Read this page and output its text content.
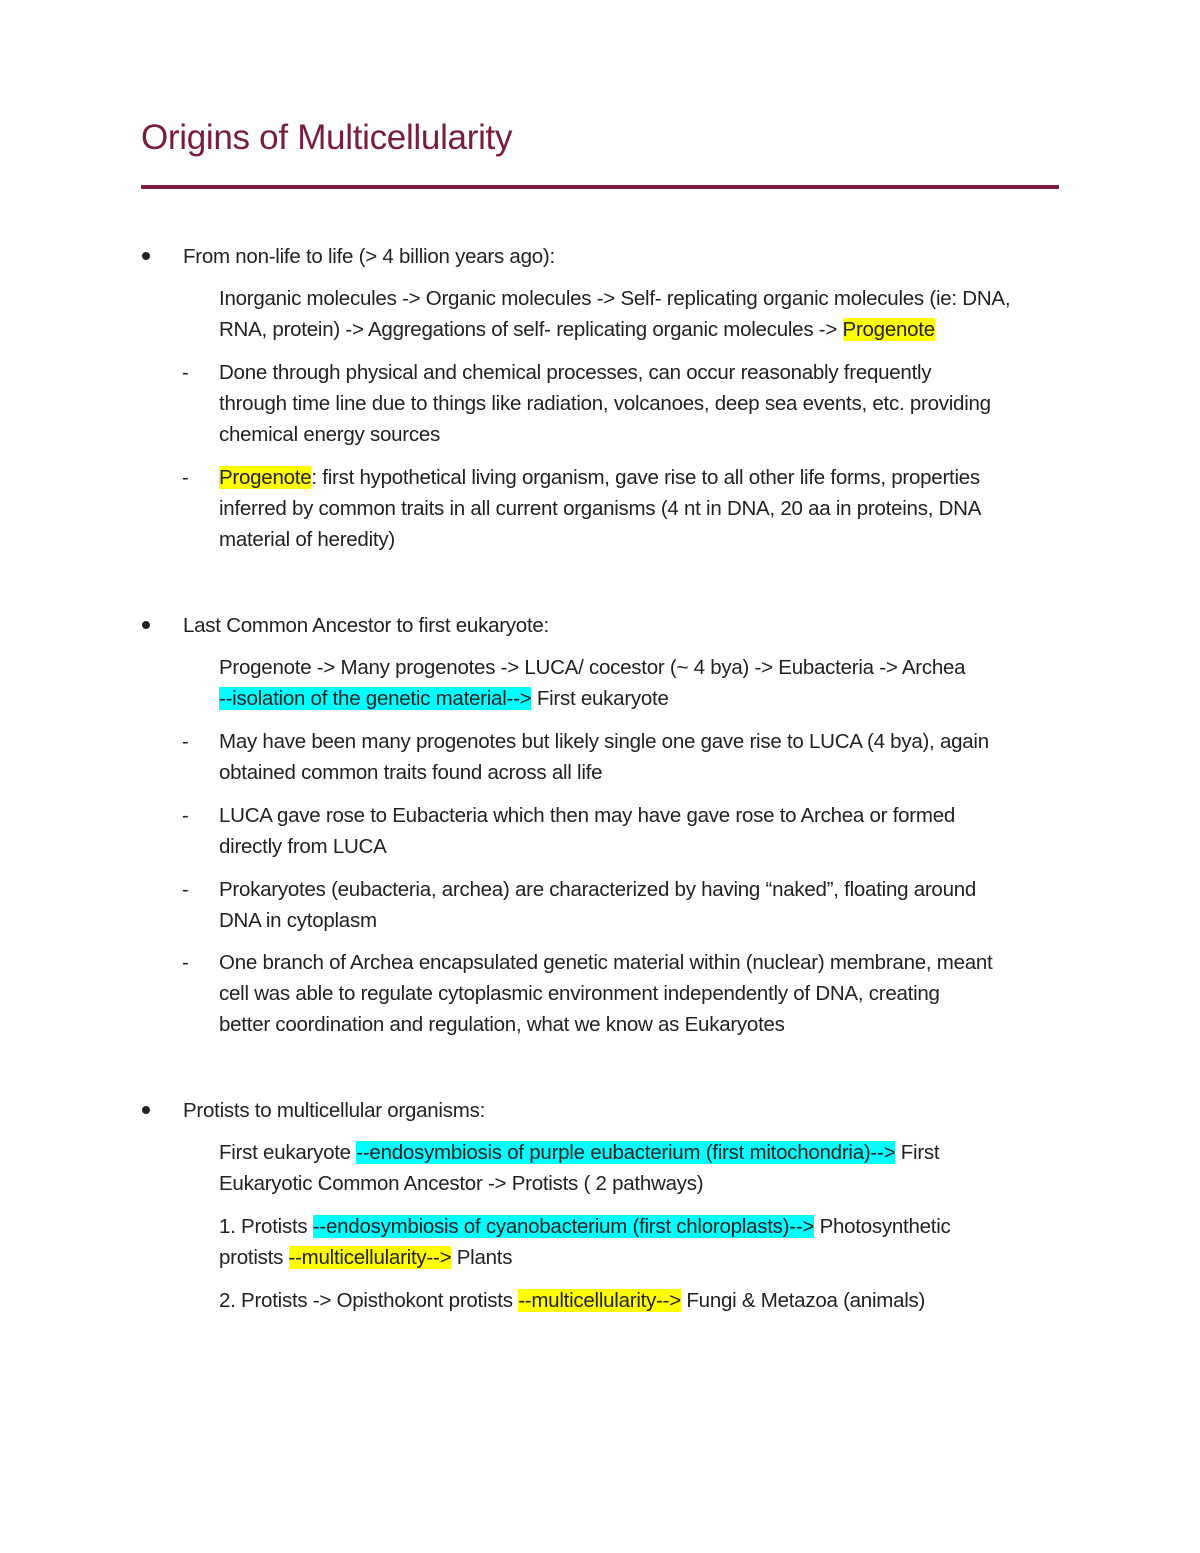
Origins of Multicellularity
From non-life to life (> 4 billion years ago):
Inorganic molecules -> Organic molecules -> Self- replicating organic molecules (ie: DNA,
RNA, protein) -> Aggregations of self- replicating organic molecules -> Progenote
- Done through physical and chemical processes, can occur reasonably frequently
through time line due to things like radiation, volcanoes, deep sea events, etc. providing
chemical energy sources
- Progenote: first hypothetical living organism, gave rise to all other life forms, properties
inferred by common traits in all current organisms (4 nt in DNA, 20 aa in proteins, DNA
material of heredity)
Last Common Ancestor to first eukaryote:
Progenote -> Many progenotes -> LUCA/ cocestor (~ 4 bya) -> Eubacteria -> Archea
--isolation of the genetic material--> First eukaryote
- May have been many progenotes but likely single one gave rise to LUCA (4 bya), again
obtained common traits found across all life
- LUCA gave rose to Eubacteria which then may have gave rose to Archea or formed
directly from LUCA
- Prokaryotes (eubacteria, archea) are characterized by having “naked”, floating around
DNA in cytoplasm
- One branch of Archea encapsulated genetic material within (nuclear) membrane, meant
cell was able to regulate cytoplasmic environment independently of DNA, creating
better coordination and regulation, what we know as Eukaryotes
Protists to multicellular organisms:
First eukaryote --endosymbiosis of purple eubacterium (first mitochondria)--> First
Eukaryotic Common Ancestor -> Protists ( 2 pathways)
1. Protists --endosymbiosis of cyanobacterium (first chloroplasts)--> Photosynthetic
protists --multicellularity--> Plants
2. Protists -> Opisthokont protists --multicellularity--> Fungi & Metazoa (animals)
